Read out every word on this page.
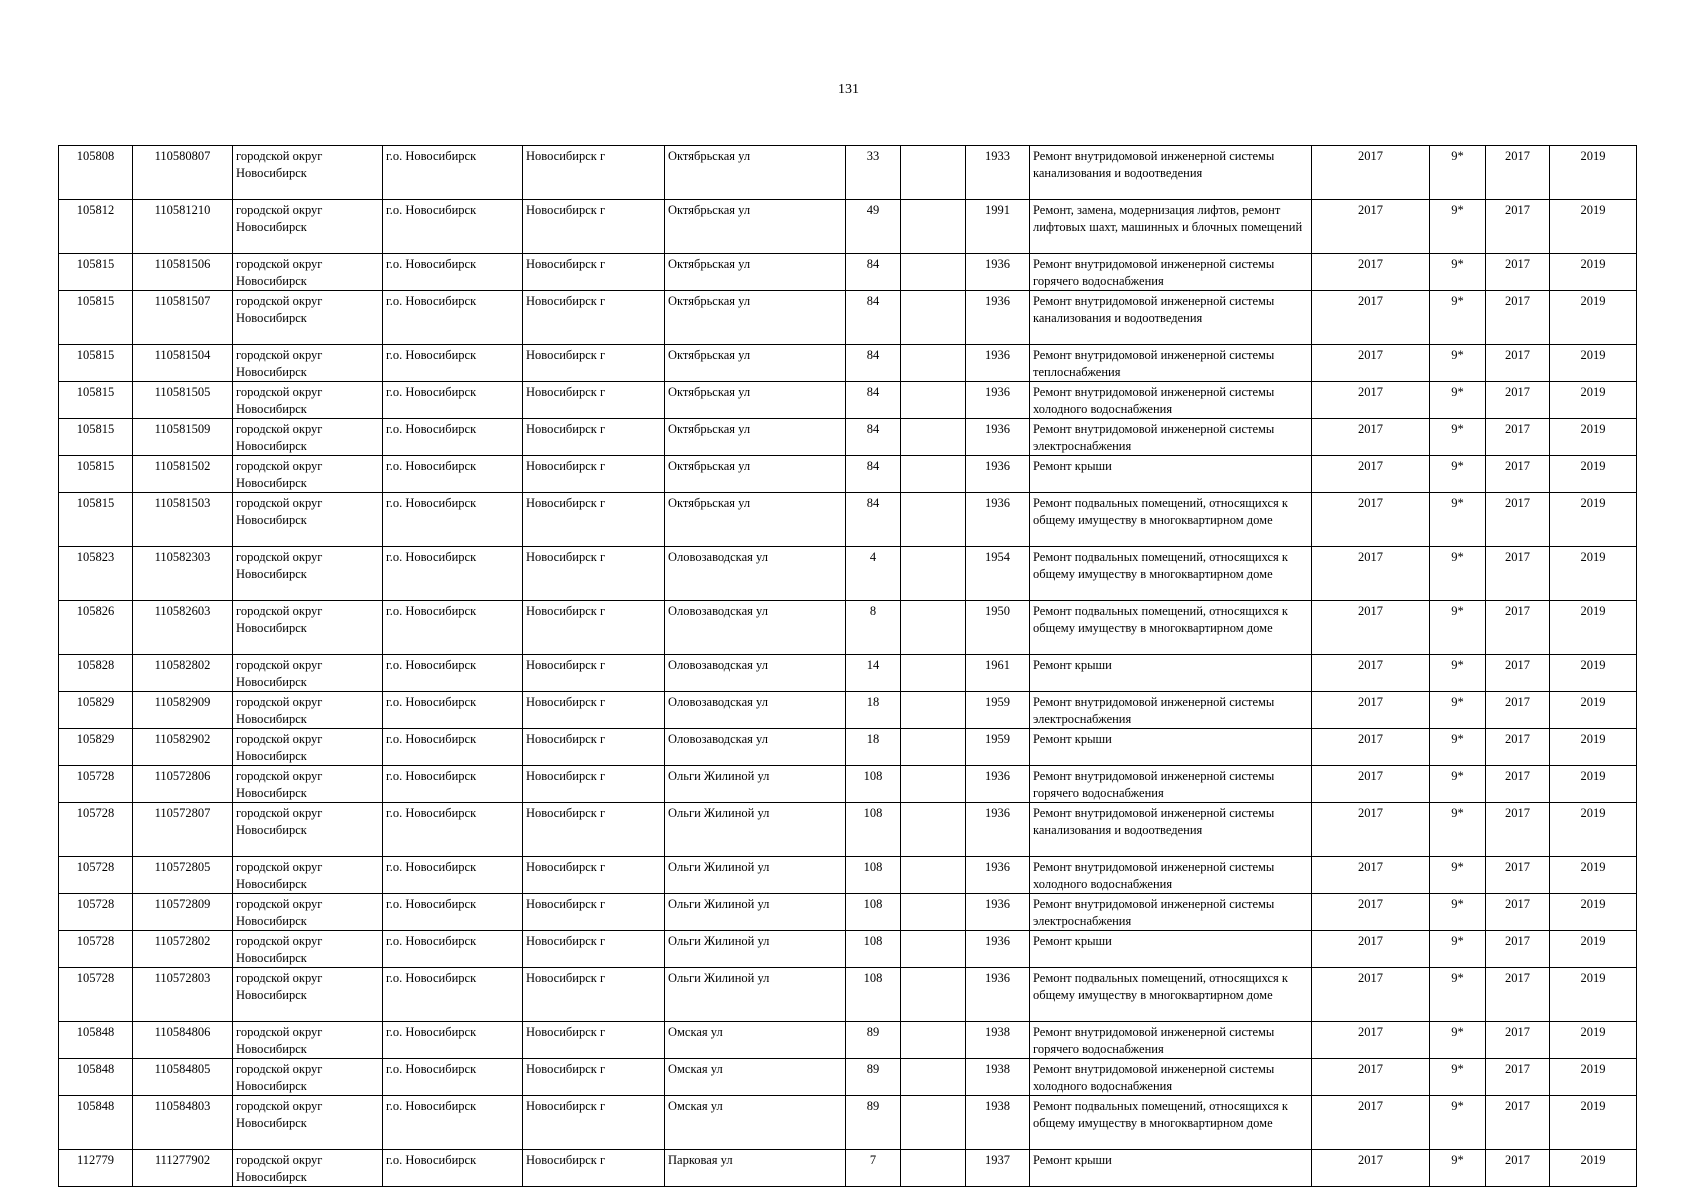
131
105808	110580807	городской округ Новосибирск	г.о. Новосибирск	Новосибирск г	Октябрьская ул	33		1933	Ремонт внутридомовой инженерной системы канализования и водоотведения	2017	9*	2017	2019
105812	110581210	городской округ Новосибирск	г.о. Новосибирск	Новосибирск г	Октябрьская ул	49		1991	Ремонт, замена, модернизация лифтов, ремонт лифтовых шахт, машинных и блочных помещений	2017	9*	2017	2019
105815	110581506	городской округ Новосибирск	г.о. Новосибирск	Новосибирск г	Октябрьская ул	84		1936	Ремонт внутридомовой инженерной системы горячего водоснабжения	2017	9*	2017	2019
105815	110581507	городской округ Новосибирск	г.о. Новосибирск	Новосибирск г	Октябрьская ул	84		1936	Ремонт внутридомовой инженерной системы канализования и водоотведения	2017	9*	2017	2019
105815	110581504	городской округ Новосибирск	г.о. Новосибирск	Новосибирск г	Октябрьская ул	84		1936	Ремонт внутридомовой инженерной системы теплоснабжения	2017	9*	2017	2019
105815	110581505	городской округ Новосибирск	г.о. Новосибирск	Новосибирск г	Октябрьская ул	84		1936	Ремонт внутридомовой инженерной системы холодного водоснабжения	2017	9*	2017	2019
105815	110581509	городской округ Новосибирск	г.о. Новосибирск	Новосибирск г	Октябрьская ул	84		1936	Ремонт внутридомовой инженерной системы электроснабжения	2017	9*	2017	2019
105815	110581502	городской округ Новосибирск	г.о. Новосибирск	Новосибирск г	Октябрьская ул	84		1936	Ремонт крыши	2017	9*	2017	2019
105815	110581503	городской округ Новосибирск	г.о. Новосибирск	Новосибирск г	Октябрьская ул	84		1936	Ремонт подвальных помещений, относящихся к общему имуществу в многоквартирном доме	2017	9*	2017	2019
105823	110582303	городской округ Новосибирск	г.о. Новосибирск	Новосибирск г	Оловозаводская ул	4		1954	Ремонт подвальных помещений, относящихся к общему имуществу в многоквартирном доме	2017	9*	2017	2019
105826	110582603	городской округ Новосибирск	г.о. Новосибирск	Новосибирск г	Оловозаводская ул	8		1950	Ремонт подвальных помещений, относящихся к общему имуществу в многоквартирном доме	2017	9*	2017	2019
105828	110582802	городской округ Новосибирск	г.о. Новосибирск	Новосибирск г	Оловозаводская ул	14		1961	Ремонт крыши	2017	9*	2017	2019
105829	110582909	городской округ Новосибирск	г.о. Новосибирск	Новосибирск г	Оловозаводская ул	18		1959	Ремонт внутридомовой инженерной системы электроснабжения	2017	9*	2017	2019
105829	110582902	городской округ Новосибирск	г.о. Новосибирск	Новосибирск г	Оловозаводская ул	18		1959	Ремонт крыши	2017	9*	2017	2019
105728	110572806	городской округ Новосибирск	г.о. Новосибирск	Новосибирск г	Ольги Жилиной ул	108		1936	Ремонт внутридомовой инженерной системы горячего водоснабжения	2017	9*	2017	2019
105728	110572807	городской округ Новосибирск	г.о. Новосибирск	Новосибирск г	Ольги Жилиной ул	108		1936	Ремонт внутридомовой инженерной системы канализования и водоотведения	2017	9*	2017	2019
105728	110572805	городской округ Новосибирск	г.о. Новосибирск	Новосибирск г	Ольги Жилиной ул	108		1936	Ремонт внутридомовой инженерной системы холодного водоснабжения	2017	9*	2017	2019
105728	110572809	городской округ Новосибирск	г.о. Новосибирск	Новосибирск г	Ольги Жилиной ул	108		1936	Ремонт внутридомовой инженерной системы электроснабжения	2017	9*	2017	2019
105728	110572802	городской округ Новосибирск	г.о. Новосибирск	Новосибирск г	Ольги Жилиной ул	108		1936	Ремонт крыши	2017	9*	2017	2019
105728	110572803	городской округ Новосибирск	г.о. Новосибирск	Новосибирск г	Ольги Жилиной ул	108		1936	Ремонт подвальных помещений, относящихся к общему имуществу в многоквартирном доме	2017	9*	2017	2019
105848	110584806	городской округ Новосибирск	г.о. Новосибирск	Новосибирск г	Омская ул	89		1938	Ремонт внутридомовой инженерной системы горячего водоснабжения	2017	9*	2017	2019
105848	110584805	городской округ Новосибирск	г.о. Новосибирск	Новосибирск г	Омская ул	89		1938	Ремонт внутридомовой инженерной системы холодного водоснабжения	2017	9*	2017	2019
105848	110584803	городской округ Новосибирск	г.о. Новосибирск	Новосибирск г	Омская ул	89		1938	Ремонт подвальных помещений, относящихся к общему имуществу в многоквартирном доме	2017	9*	2017	2019
112779	111277902	городской округ Новосибирск	г.о. Новосибирск	Новосибирск г	Парковая ул	7		1937	Ремонт крыши	2017	9*	2017	2019
